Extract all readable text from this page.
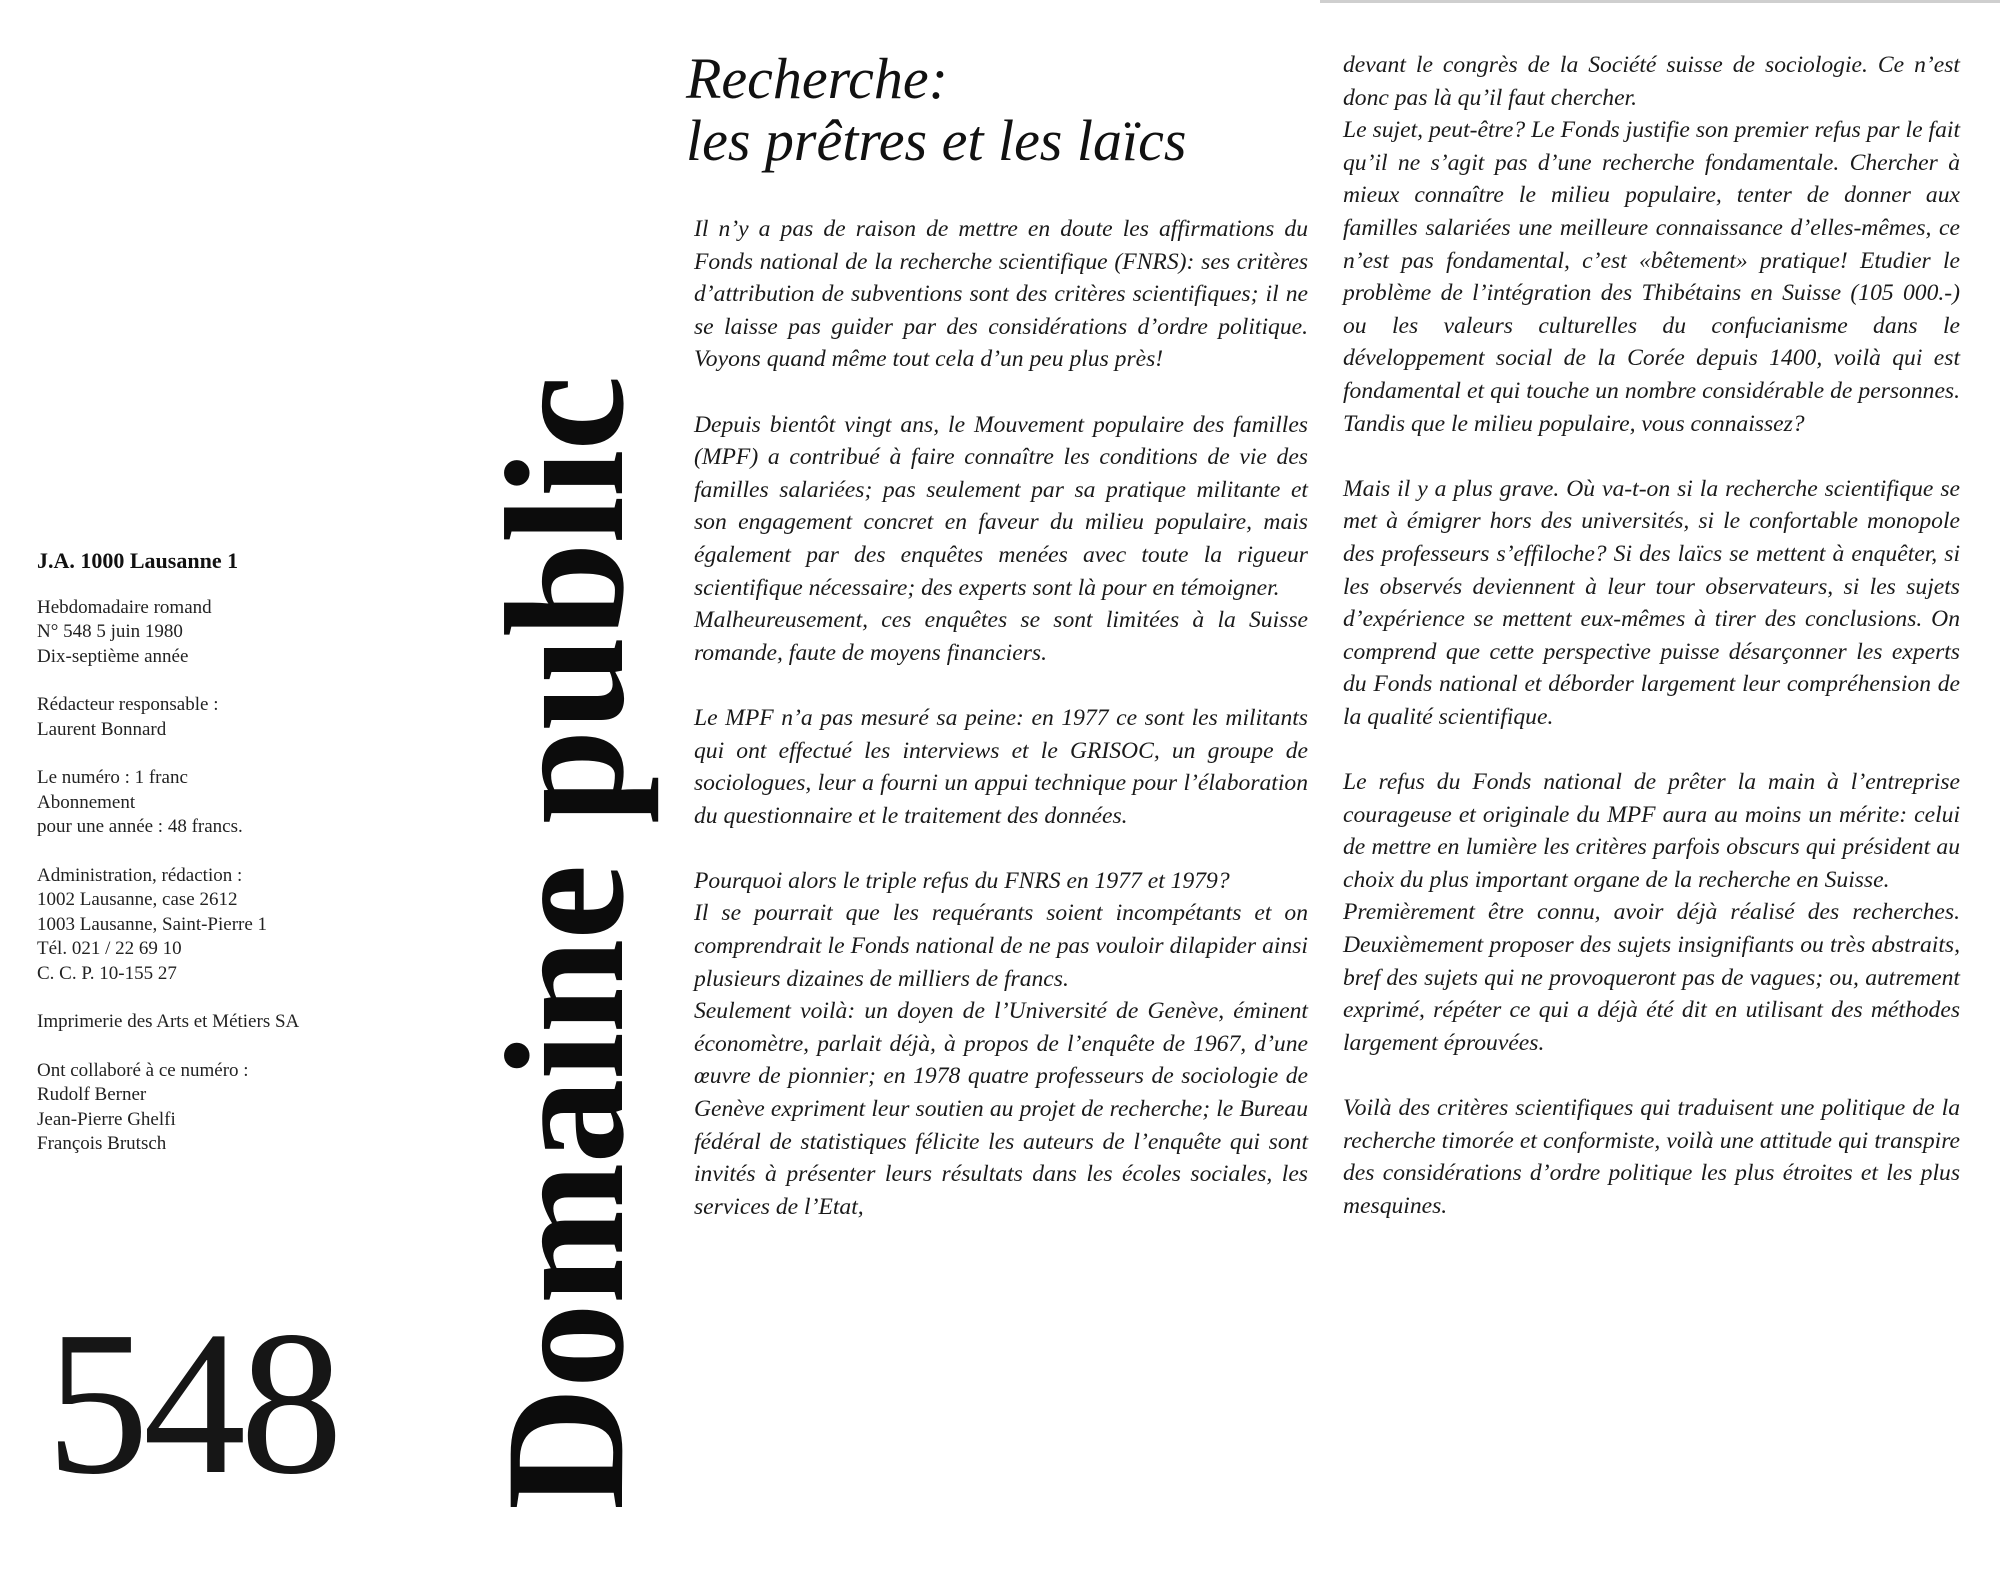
J.A. 1000 Lausanne 1
Hebdomadaire romand
N° 548 5 juin 1980
Dix-septième année
Rédacteur responsable :
Laurent Bonnard
Le numéro : 1 franc
Abonnement
pour une année : 48 francs.
Administration, rédaction :
1002 Lausanne, case 2612
1003 Lausanne, Saint-Pierre 1
Tél. 021 / 22 69 10
C. C. P. 10-155 27
Imprimerie des Arts et Métiers SA
Ont collaboré à ce numéro :
Rudolf Berner
Jean-Pierre Ghelfi
François Brutsch
548 Domaine public
Recherche:
les prêtres et les laïcs

Il n’y a pas de raison de mettre en doute les affirmations du Fonds national de la recherche scientifique (FNRS): ses critères d’attribution de subventions sont des critères scientifiques; il ne se laisse pas guider par des considérations d’ordre politique. Voyons quand même tout cela d’un peu plus près!

Depuis bientôt vingt ans, le Mouvement populaire des familles (MPF) a contribué à faire connaître les conditions de vie des familles salariées; pas seulement par sa pratique militante et son engagement concret en faveur du milieu populaire, mais également par des enquêtes menées avec toute la rigueur scientifique nécessaire; des experts sont là pour en témoigner.

Malheureusement, ces enquêtes se sont limitées à la Suisse romande, faute de moyens financiers.

Le MPF n’a pas mesuré sa peine: en 1977 ce sont les militants qui ont effectué les interviews et le GRISOC, un groupe de sociologues, leur a fourni un appui technique pour l’élaboration du questionnaire et le traitement des données.

Pourquoi alors le triple refus du FNRS en 1977 et 1979?

Il se pourrait que les requérants soient incompétants et on comprendrait le Fonds national de ne pas vouloir dilapider ainsi plusieurs dizaines de milliers de francs.

Seulement voilà: un doyen de l’Université de Genève, éminent économètre, parlait déjà, à propos de l’enquête de 1967, d’une œuvre de pionnier; en 1978 quatre professeurs de sociologie de Genève expriment leur soutien au projet de recherche; le Bureau fédéral de statistiques félicite les auteurs de l’enquête qui sont invités à présenter leurs résultats dans les écoles sociales, les services de l’Etat,

devant le congrès de la Société suisse de sociologie. Ce n’est donc pas là qu’il faut chercher.

Le sujet, peut-être? Le Fonds justifie son premier refus par le fait qu’il ne s’agit pas d’une recherche fondamentale. Chercher à mieux connaître le milieu populaire, tenter de donner aux familles salariées une meilleure connaissance d’elles-mêmes, ce n’est pas fondamental, c’est «bêtement» pratique! Etudier le problème de l’intégration des Thibétains en Suisse (105 000.-) ou les valeurs culturelles du confucianisme dans le développement social de la Corée depuis 1400, voilà qui est fondamental et qui touche un nombre considérable de personnes. Tandis que le milieu populaire, vous connaissez?

Mais il y a plus grave. Où va-t-on si la recherche scientifique se met à émigrer hors des universités, si le confortable monopole des professeurs s’effiloche? Si des laïcs se mettent à enquêter, si les observés deviennent à leur tour observateurs, si les sujets d’expérience se mettent eux-mêmes à tirer des conclusions. On comprend que cette perspective puisse désarçonner les experts du Fonds national et déborder largement leur compréhension de la qualité scientifique.

Le refus du Fonds national de prêter la main à l’entreprise courageuse et originale du MPF aura au moins un mérite: celui de mettre en lumière les critères parfois obscurs qui président au choix du plus important organe de la recherche en Suisse.

Premièrement être connu, avoir déjà réalisé des recherches. Deuxièmement proposer des sujets insignifiants ou très abstraits, bref des sujets qui ne provoqueront pas de vagues; ou, autrement exprimé, répéter ce qui a déjà été dit en utilisant des méthodes largement éprouvées.

Voilà des critères scientifiques qui traduisent une politique de la recherche timorée et conformiste, voilà une attitude qui transpire des considérations d’ordre politique les plus étroites et les plus mesquines.
